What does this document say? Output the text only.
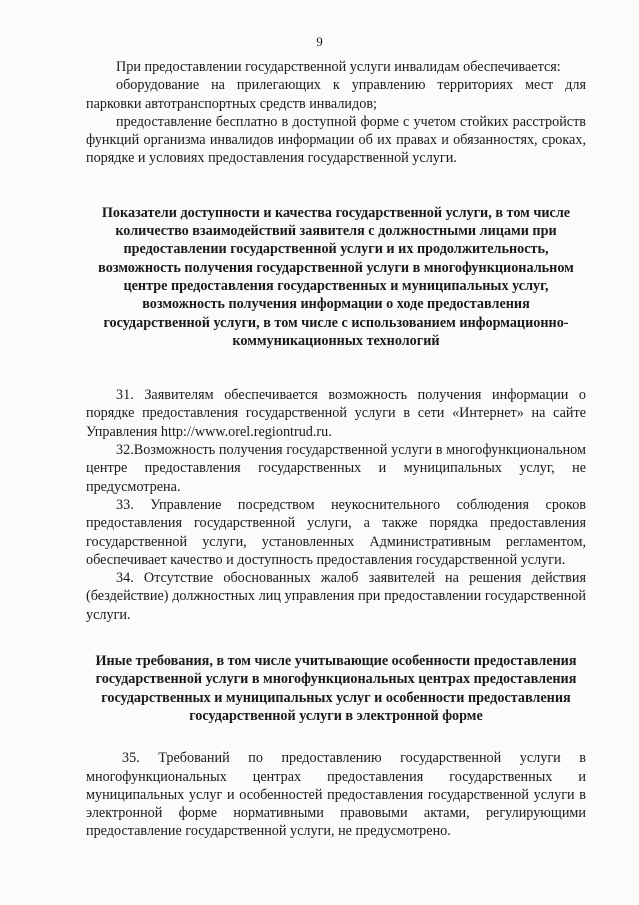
9

При предоставлении государственной услуги инвалидам обеспечивается:

оборудование на прилегающих к управлению территориях мест для парковки автотранспортных средств инвалидов;

предоставление бесплатно в доступной форме с учетом стойких расстройств функций организма инвалидов информации об их правах и обязанностях, сроках, порядке и условиях предоставления государственной услуги.

Показатели доступности и качества государственной услуги, в том числе количество взаимодействий заявителя с должностными лицами при предоставлении государственной услуги и их продолжительность, возможность получения государственной услуги в многофункциональном центре предоставления государственных и муниципальных услуг, возможность получения информации о ходе предоставления государственной услуги, в том числе с использованием информационно-коммуникационных технологий

31. Заявителям обеспечивается возможность получения информации о порядке предоставления государственной услуги в сети «Интернет» на сайте Управления http://www.orel.regiontrud.ru.

32.Возможность получения государственной услуги в многофункциональном центре предоставления государственных и муниципальных услуг, не предусмотрена.

33. Управление посредством неукоснительного соблюдения сроков предоставления государственной услуги, а также порядка предоставления государственной услуги, установленных Административным регламентом, обеспечивает качество и доступность предоставления государственной услуги.

34. Отсутствие обоснованных жалоб заявителей на решения действия (бездействие) должностных лиц управления при предоставлении государственной услуги.

Иные требования, в том числе учитывающие особенности предоставления государственной услуги в многофункциональных центрах предоставления государственных и муниципальных услуг и особенности предоставления государственной услуги в электронной форме

35. Требований по предоставлению государственной услуги в многофункциональных центрах предоставления государственных и муниципальных услуг и особенностей предоставления государственной услуги в электронной форме нормативными правовыми актами, регулирующими предоставление государственной услуги, не предусмотрено.
